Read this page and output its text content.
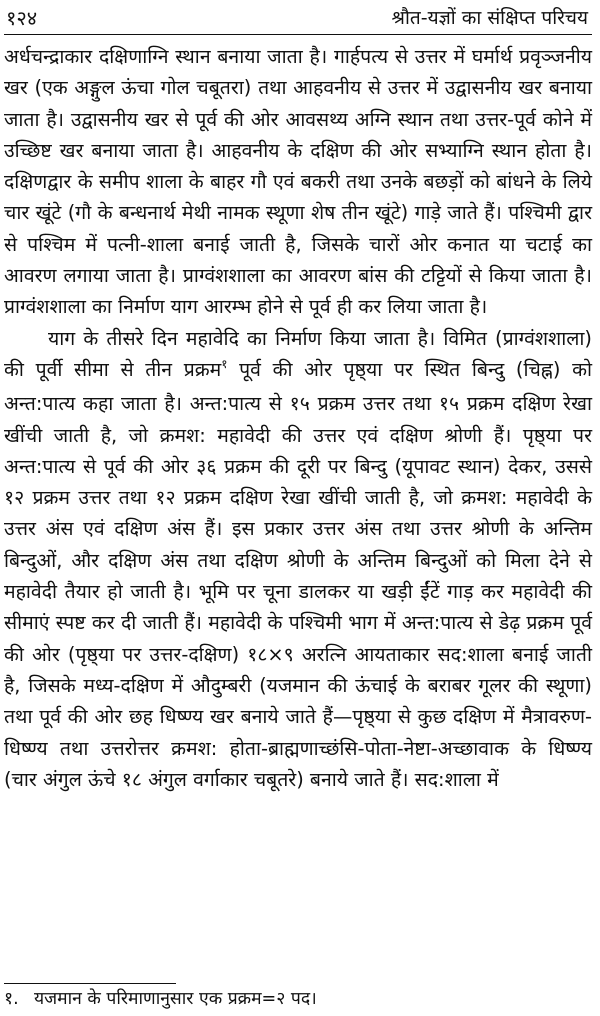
१२४	श्रौत-यज्ञों का संक्षिप्त परिचय

अर्धचन्द्राकार दक्षिणाग्नि स्थान बनाया जाता है। गार्हपत्य से उत्तर में घर्मार्थ प्रवृञ्जनीय खर (एक अङ्गुल ऊंचा गोल चबूतरा) तथा आहवनीय से उत्तर में उद्वासनीय खर बनाया जाता है। उद्वासनीय खर से पूर्व की ओर आवसथ्य अग्नि स्थान तथा उत्तर-पूर्व कोने में उच्छिष्ट खर बनाया जाता है। आहवनीय के दक्षिण की ओर सभ्याग्नि स्थान होता है। दक्षिणद्वार के समीप शाला के बाहर गौ एवं बकरी तथा उनके बछड़ों को बांधने के लिये चार खूंटे (गौ के बन्धनार्थ मेथी नामक स्थूणा शेष तीन खूंटे) गाड़े जाते हैं। पश्चिमी द्वार से पश्चिम में पत्नी-शाला बनाई जाती है, जिसके चारों ओर कनात या चटाई का आवरण लगाया जाता है। प्राग्वंशशाला का आवरण बांस की टट्टियों से किया जाता है। प्राग्वंशशाला का निर्माण याग आरम्भ होने से पूर्व ही कर लिया जाता है।

याग के तीसरे दिन महावेदि का निर्माण किया जाता है। विमित (प्राग्वंशशाला) की पूर्वी सीमा से तीन प्रक्रम$^१$ पूर्व की ओर पृष्ठ्या पर स्थित बिन्दु (चिह्न) को अन्त:पात्य कहा जाता है। अन्त:पात्य से १५ प्रक्रम उत्तर तथा १५ प्रक्रम दक्षिण रेखा खींची जाती है, जो क्रमश: महावेदी की उत्तर एवं दक्षिण श्रोणी हैं। पृष्ठ्या पर अन्त:पात्य से पूर्व की ओर ३६ प्रक्रम की दूरी पर बिन्दु (यूपावट स्थान) देकर, उससे १२ प्रक्रम उत्तर तथा १२ प्रक्रम दक्षिण रेखा खींची जाती है, जो क्रमश: महावेदी के उत्तर अंस एवं दक्षिण अंस हैं। इस प्रकार उत्तर अंस तथा उत्तर श्रोणी के अन्तिम बिन्दुओं, और दक्षिण अंस तथा दक्षिण श्रोणी के अन्तिम बिन्दुओं को मिला देने से महावेदी तैयार हो जाती है। भूमि पर चूना डालकर या खड़ी ईंटें गाड़ कर महावेदी की सीमाएं स्पष्ट कर दी जाती हैं। महावेदी के पश्चिमी भाग में अन्त:पात्य से डेढ़ प्रक्रम पूर्व की ओर (पृष्ठ्या पर उत्तर-दक्षिण) १८×९ अरत्नि आयताकार सद:शाला बनाई जाती है, जिसके मध्य-दक्षिण में औदुम्बरी (यजमान की ऊंचाई के बराबर गूलर की स्थूणा) तथा पूर्व की ओर छह धिष्ण्य खर बनाये जाते हैं—पृष्ठ्या से कुछ दक्षिण में मैत्रावरुण-धिष्ण्य तथा उत्तरोत्तर क्रमश: होता-ब्राह्मणाच्छंसि-पोता-नेष्टा-अच्छावाक के धिष्ण्य (चार अंगुल ऊंचे १८ अंगुल वर्गाकार चबूतरे) बनाये जाते हैं। सद:शाला में

१. यजमान के परिमाणानुसार एक प्रक्रम=२ पद।
